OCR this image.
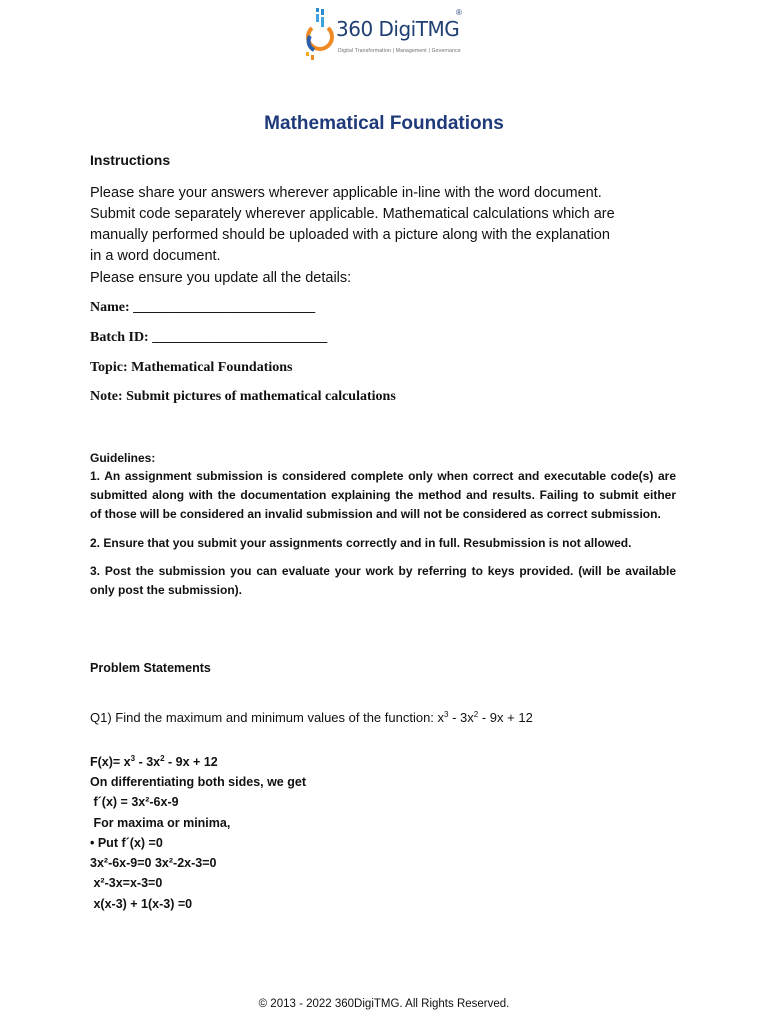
360 DigiTMG
®
Digital Transformation | Management | Governance
Mathematical Foundations
Instructions
Please share your answers wherever applicable in-line with the word document.
Submit code separately wherever applicable. Mathematical calculations which are
manually performed should be uploaded with a picture along with the explanation
in a word document.
Please ensure you update all the details:
Name: __________________________
Batch ID: _________________________
Topic: Mathematical Foundations
Note: Submit pictures of mathematical calculations
Guidelines:
1. An assignment submission is considered complete only when correct and executable code(s) are
submitted along with the documentation explaining the method and results. Failing to submit either
of those will be considered an invalid submission and will not be considered as correct submission.
2. Ensure that you submit your assignments correctly and in full. Resubmission is not allowed.
3. Post the submission you can evaluate your work by referring to keys provided. (will be available
only post the submission).
Problem Statements
Q1) Find the maximum and minimum values of the function: $x^3 - 3x^2 - 9x + 12$
$F(x)= x^3 - 3x^2 - 9x + 12$
On differentiating both sides, we get
f´(x) = 3x²-6x-9
For maxima or minima,
• Put f´(x) =0
3x²-6x-9=0 3x²-2x-3=0
x²-3x=x-3=0
x(x-3) + 1(x-3) =0
© 2013 - 2022 360DigiTMG. All Rights Reserved.
